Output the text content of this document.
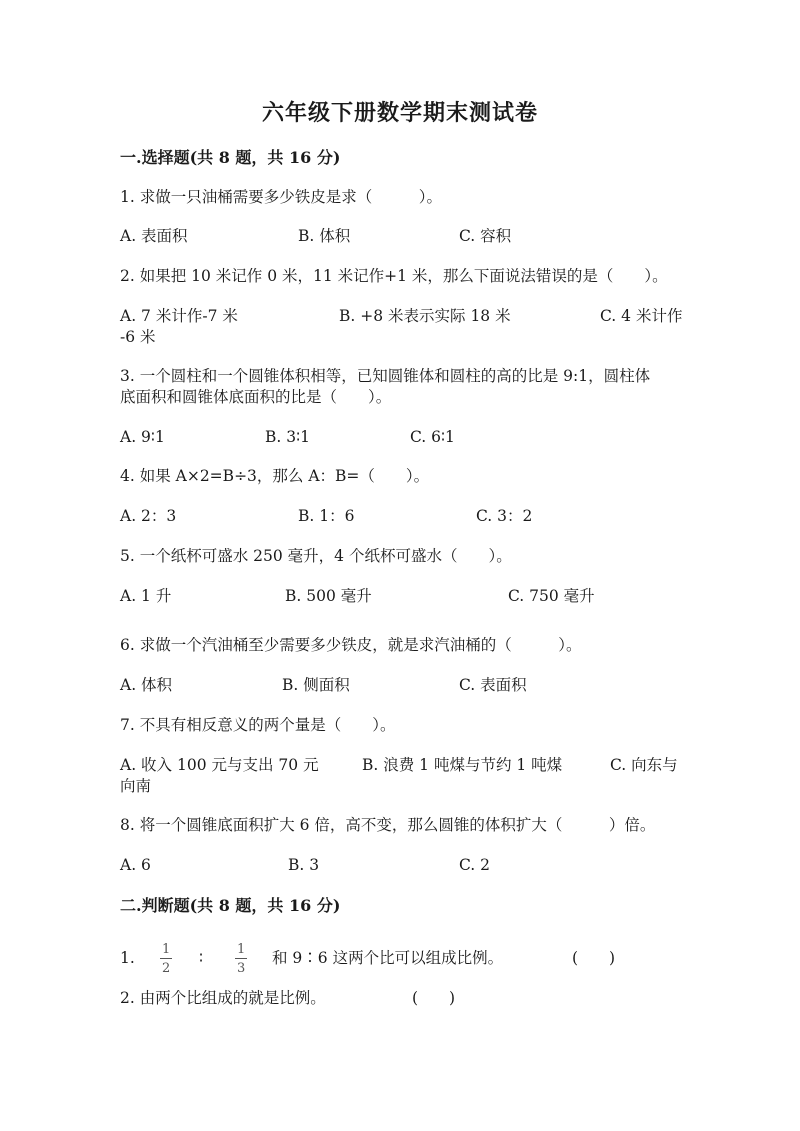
六年级下册数学期末测试卷
一.选择题(共 8 题，共 16 分)
1. 求做一只油桶需要多少铁皮是求（　　　）。
A. 表面积	B. 体积	C. 容积
2. 如果把 10 米记作 0 米，11 米记作+1 米，那么下面说法错误的是（　　）。
A. 7 米计作-7 米	B. +8 米表示实际 18 米	C. 4 米计作
-6 米
3. 一个圆柱和一个圆锥体积相等，已知圆锥体和圆柱的高的比是 9:1，圆柱体
底面积和圆锥体底面积的比是（　　）。
A. 9∶1	B. 3∶1	C. 6∶1
4. 如果 A×2=B÷3，那么 A：B=（　　）。
A. 2：3	B. 1：6	C. 3：2
5. 一个纸杯可盛水 250 毫升，4 个纸杯可盛水（　　）。
A. 1 升	B. 500 毫升	C. 750 毫升
6. 求做一个汽油桶至少需要多少铁皮，就是求汽油桶的（　　　）。
A. 体积	B. 侧面积	C. 表面积
7. 不具有相反意义的两个量是（　　）。
A. 收入 100 元与支出 70 元	B. 浪费 1 吨煤与节约 1 吨煤	C. 向东与
向南
8. 将一个圆锥底面积扩大 6 倍，高不变，那么圆锥的体积扩大（　　　）倍。
A. 6	B. 3	C. 2
二.判断题(共 8 题，共 16 分)
1. 1
2
∶	1
3
和 9∶6 这两个比可以组成比例。	(　　)
2. 由两个比组成的就是比例。	(　　)
